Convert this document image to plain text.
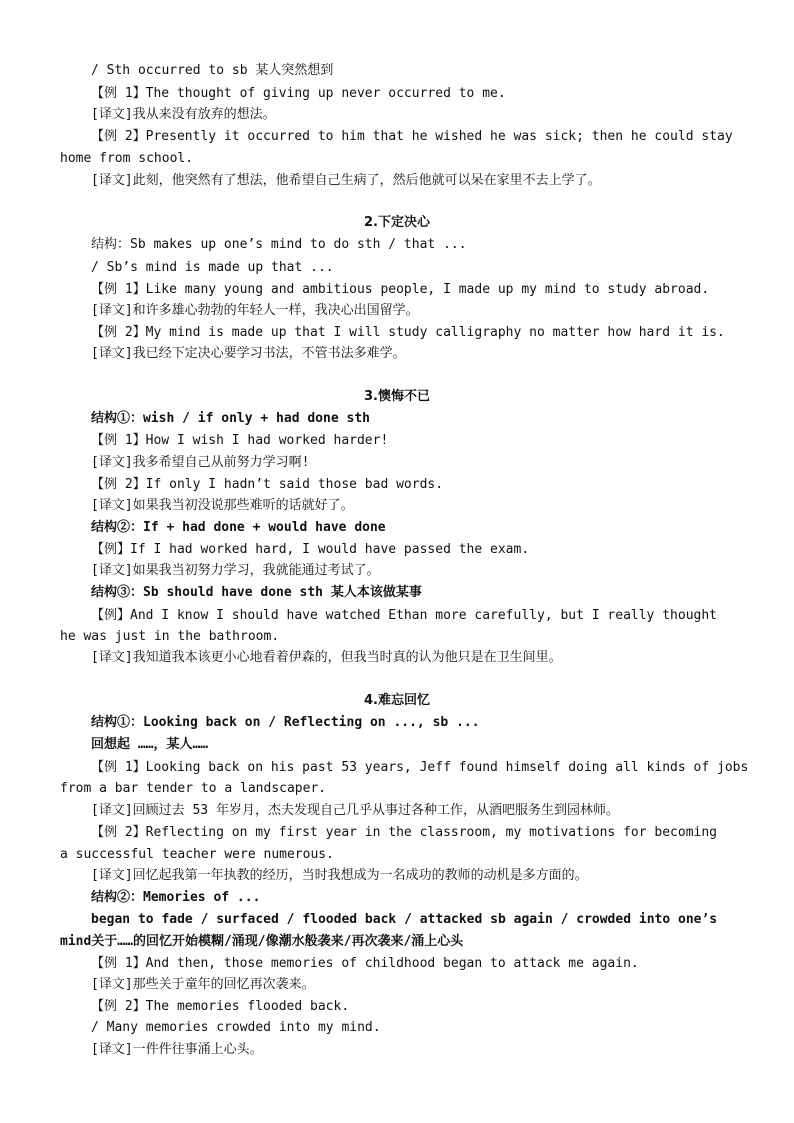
/ Sth occurred to sb 某人突然想到
【例 1】The thought of giving up never occurred to me.
[译文]我从来没有放弃的想法。
【例 2】Presently it occurred to him that he wished he was sick; then he could stay
home from school.
[译文]此刻，他突然有了想法，他希望自己生病了，然后他就可以呆在家里不去上学了。
2.下定决心
结构：Sb makes up one’s mind to do sth / that ...
/ Sb’s mind is made up that ...
【例 1】Like many young and ambitious people, I made up my mind to study abroad.
[译文]和许多雄心勃勃的年轻人一样，我决心出国留学。
【例 2】My mind is made up that I will study calligraphy no matter how hard it is.
[译文]我已经下定决心要学习书法，不管书法多难学。
3.懊悔不已
结构①：wish / if only + had done sth
【例 1】How I wish I had worked harder!
[译文]我多希望自己从前努力学习啊!
【例 2】If only I hadn’t said those bad words.
[译文]如果我当初没说那些难听的话就好了。
结构②：If + had done + would have done
【例】If I had worked hard, I would have passed the exam.
[译文]如果我当初努力学习，我就能通过考试了。
结构③：Sb should have done sth 某人本该做某事
【例】And I know I should have watched Ethan more carefully, but I really thought
he was just in the bathroom.
[译文]我知道我本该更小心地看着伊森的，但我当时真的认为他只是在卫生间里。
4.难忘回忆
结构①：Looking back on / Reflecting on ..., sb ...
回想起 ……，某人……
【例 1】Looking back on his past 53 years, Jeff found himself doing all kinds of jobs
from a bar tender to a landscaper.
[译文]回顾过去 53 年岁月，杰夫发现自己几乎从事过各种工作，从酒吧服务生到园林师。
【例 2】Reflecting on my first year in the classroom, my motivations for becoming
a successful teacher were numerous.
[译文]回忆起我第一年执教的经历，当时我想成为一名成功的教师的动机是多方面的。
结构②：Memories of ...
began to fade / surfaced / flooded back / attacked sb again / crowded into one’s
mind关于……的回忆开始模糊/涌现/像潮水般袭来/再次袭来/涌上心头
【例 1】And then, those memories of childhood began to attack me again.
[译文]那些关于童年的回忆再次袭来。
【例 2】The memories flooded back.
/ Many memories crowded into my mind.
[译文]一件件往事涌上心头。
